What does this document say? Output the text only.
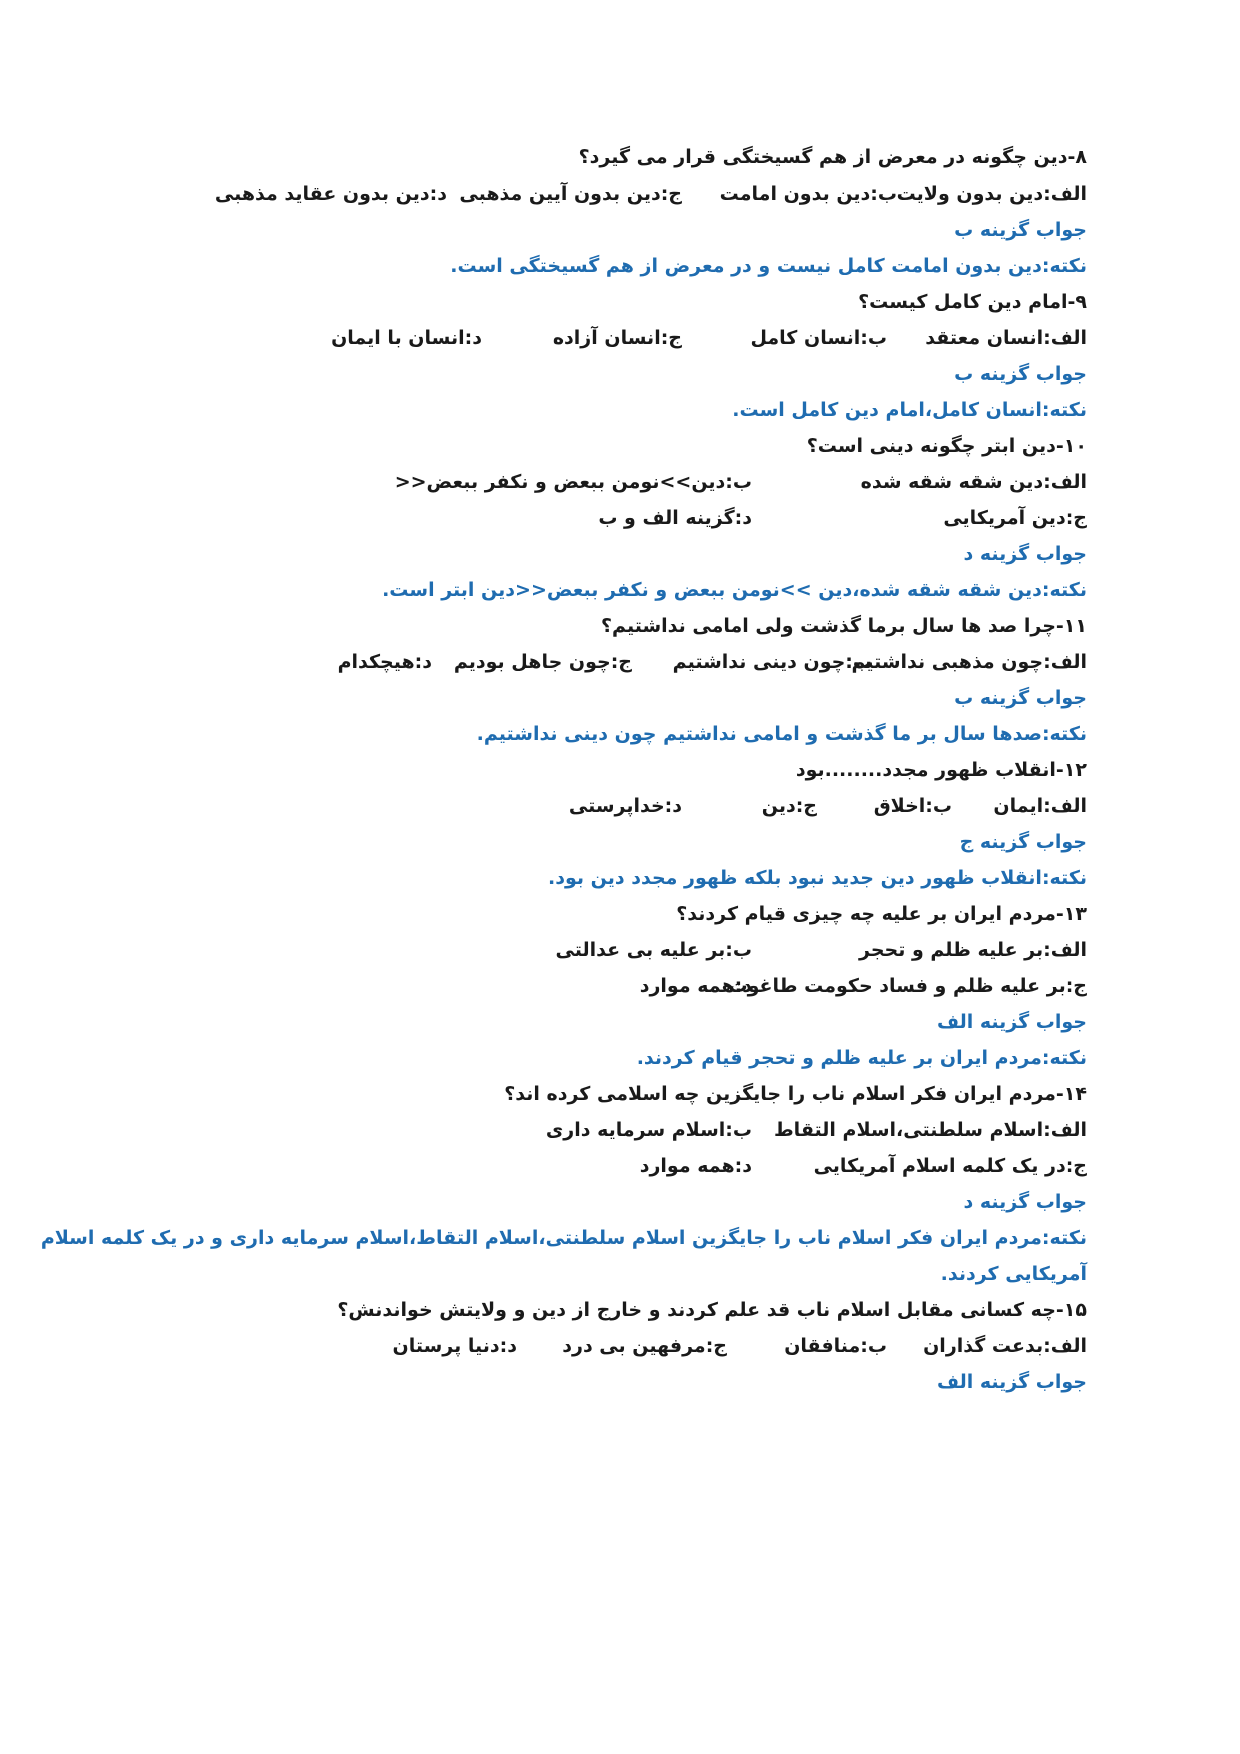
۸-دین چگونه در معرض از هم گسیختگی قرار می گیرد؟
الف:دین بدون ولایت
ب:دین بدون امامت
ج:دین بدون آیین مذهبی
د:دین بدون عقاید مذهبی
جواب گزینه ب
نکته:دین بدون امامت کامل نیست و در معرض از هم گسیختگی است.
۹-امام دین کامل کیست؟
الف:انسان معتقد
ب:انسان کامل
ج:انسان آزاده
د:انسان با ایمان
جواب گزینه ب
نکته:انسان کامل،امام دین کامل است.
۱۰-دین ابتر چگونه دینی است؟
الف:دین شقه شقه شده
ب:دین>>نومن ببعض و نکفر ببعض<<
ج:دین آمریکایی
د:گزینه الف و ب
جواب گزینه د
نکته:دین شقه شقه شده،دین >>نومن ببعض و نکفر ببعض<<دین ابتر است.
۱۱-چرا صد ها سال برما گذشت ولی امامی نداشتیم؟
الف:چون مذهبی نداشتیم
ب:چون دینی نداشتیم
ج:چون جاهل بودیم
د:هیچکدام
جواب گزینه ب
نکته:صدها سال بر ما گذشت و امامی نداشتیم چون دینی نداشتیم.
۱۲-انقلاب ظهور مجدد........بود
الف:ایمان
ب:اخلاق
ج:دین
د:خداپرستی
جواب گزینه ج
نکته:انقلاب ظهور دین جدید نبود بلکه ظهور مجدد دین بود.
۱۳-مردم ایران بر علیه چه چیزی قیام کردند؟
الف:بر علیه ظلم و تحجر
ب:بر علیه بی عدالتی
ج:بر علیه ظلم و فساد حکومت طاغوت
د:همه موارد
جواب گزینه الف
نکته:مردم ایران بر علیه ظلم و تحجر قیام کردند.
۱۴-مردم ایران فکر اسلام ناب را جایگزین چه اسلامی کرده اند؟
الف:اسلام سلطنتی،اسلام التقاط
ب:اسلام سرمایه داری
ج:در یک کلمه اسلام آمریکایی
د:همه موارد
جواب گزینه د
نکته:مردم ایران فکر اسلام ناب را جایگزین اسلام سلطنتی،اسلام التقاط،اسلام سرمایه داری و در یک کلمه اسلام
آمریکایی کردند.
۱۵-چه کسانی مقابل اسلام ناب قد علم کردند و خارج از دین و ولایتش خواندنش؟
الف:بدعت گذاران
ب:منافقان
ج:مرفهین بی درد
د:دنیا پرستان
جواب گزینه الف
